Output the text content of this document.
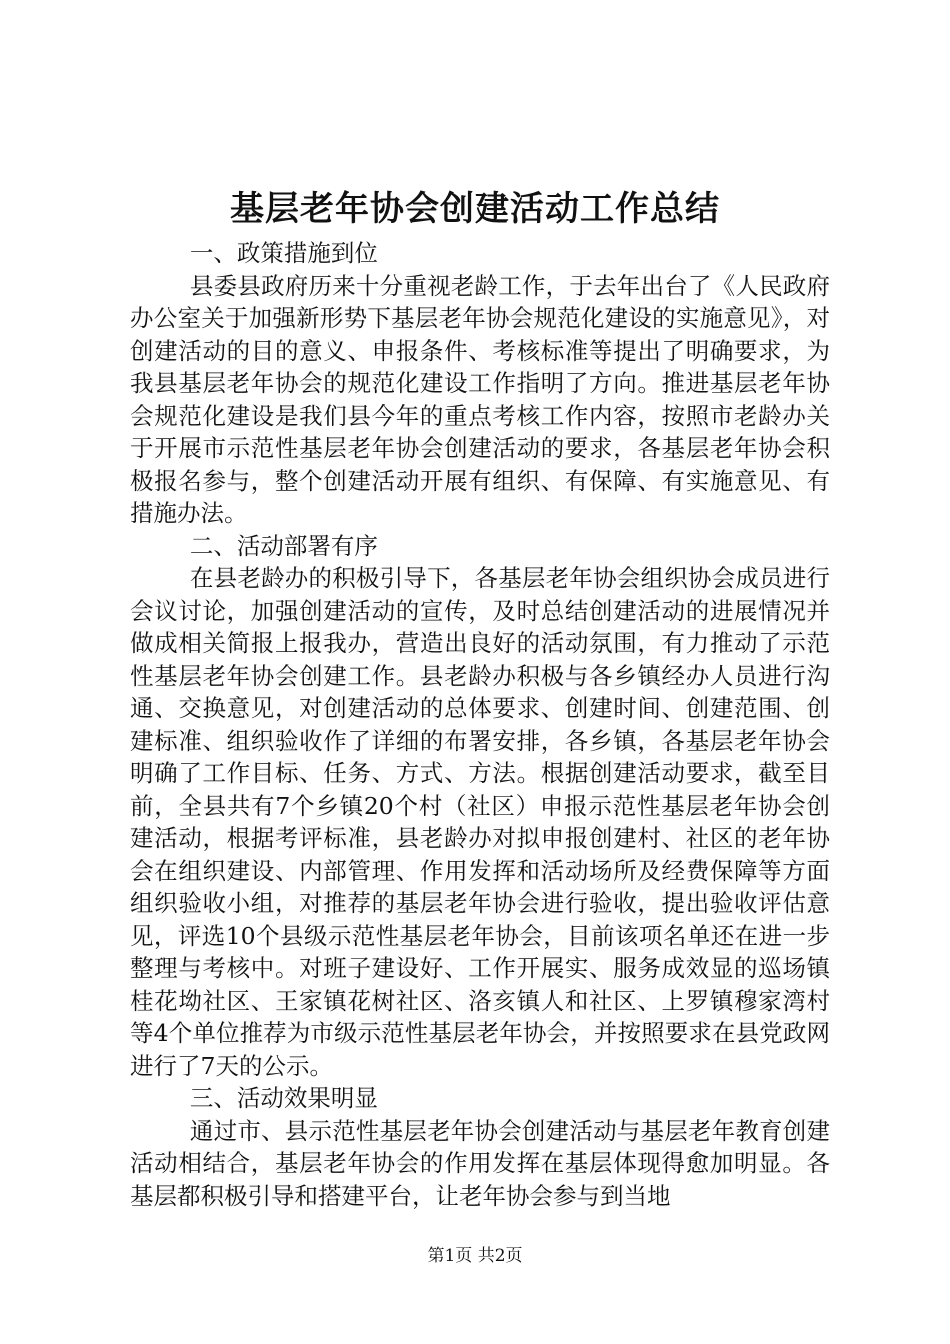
基层老年协会创建活动工作总结

一、政策措施到位

县委县政府历来十分重视老龄工作，于去年出台了《人民政府办公室关于加强新形势下基层老年协会规范化建设的实施意见》，对创建活动的目的意义、申报条件、考核标准等提出了明确要求，为我县基层老年协会的规范化建设工作指明了方向。推进基层老年协会规范化建设是我们县今年的重点考核工作内容，按照市老龄办关于开展市示范性基层老年协会创建活动的要求，各基层老年协会积极报名参与，整个创建活动开展有组织、有保障、有实施意见、有措施办法。

二、活动部署有序

在县老龄办的积极引导下，各基层老年协会组织协会成员进行会议讨论，加强创建活动的宣传，及时总结创建活动的进展情况并做成相关简报上报我办，营造出良好的活动氛围，有力推动了示范性基层老年协会创建工作。县老龄办积极与各乡镇经办人员进行沟通、交换意见，对创建活动的总体要求、创建时间、创建范围、创建标准、组织验收作了详细的布署安排，各乡镇，各基层老年协会明确了工作目标、任务、方式、方法。根据创建活动要求，截至目前，全县共有7个乡镇20个村（社区）申报示范性基层老年协会创建活动，根据考评标准，县老龄办对拟申报创建村、社区的老年协会在组织建设、内部管理、作用发挥和活动场所及经费保障等方面组织验收小组，对推荐的基层老年协会进行验收，提出验收评估意见，评选10个县级示范性基层老年协会，目前该项名单还在进一步整理与考核中。对班子建设好、工作开展实、服务成效显的巡场镇桂花坳社区、王家镇花树社区、洛亥镇人和社区、上罗镇穆家湾村等4个单位推荐为市级示范性基层老年协会，并按照要求在县党政网进行了7天的公示。

三、活动效果明显

通过市、县示范性基层老年协会创建活动与基层老年教育创建活动相结合，基层老年协会的作用发挥在基层体现得愈加明显。各基层都积极引导和搭建平台，让老年协会参与到当地

第1页 共2页
